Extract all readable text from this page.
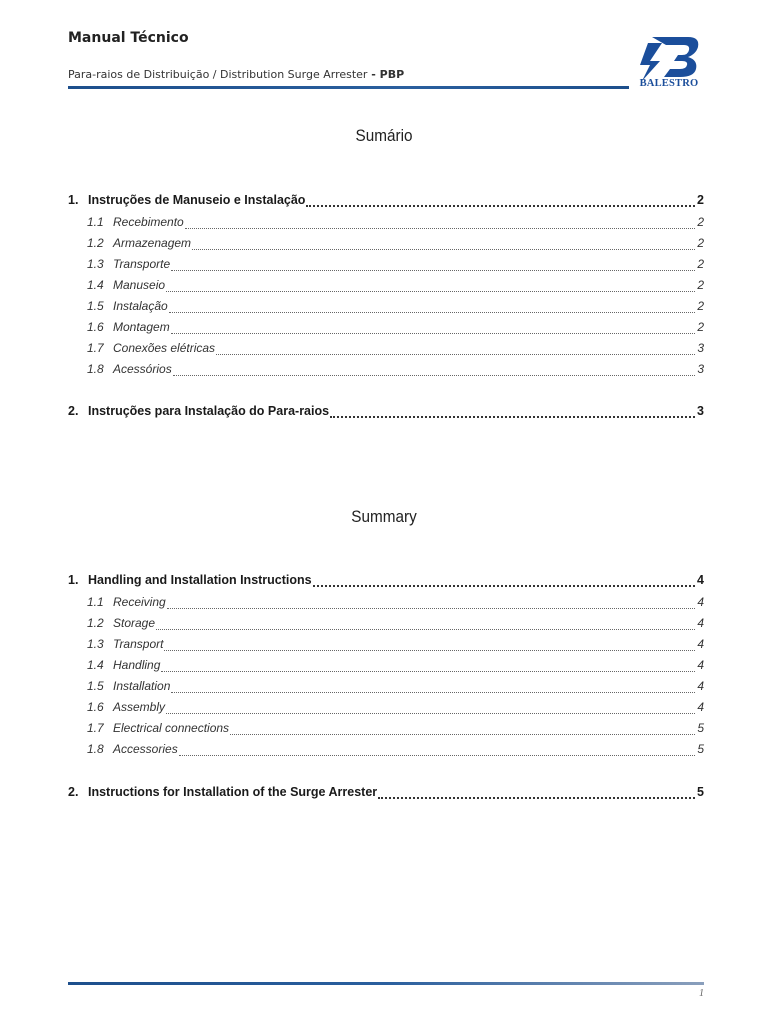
Manual Técnico
Para-raios de Distribuição / Distribution Surge Arrester - PBP
BALESTRO
Sumário
1. Instruções de Manuseio e Instalação	2
1.1 Recebimento	2
1.2 Armazenagem	2
1.3 Transporte	2
1.4 Manuseio	2
1.5 Instalação	2
1.6 Montagem	2
1.7 Conexões elétricas	3
1.8 Acessórios	3
2. Instruções para Instalação do Para-raios	3
Summary
1. Handling and Installation Instructions	4
1.1 Receiving	4
1.2 Storage	4
1.3 Transport	4
1.4 Handling	4
1.5 Installation	4
1.6 Assembly	4
1.7 Electrical connections	5
1.8 Accessories	5
2. Instructions for Installation of the Surge Arrester	5
1
